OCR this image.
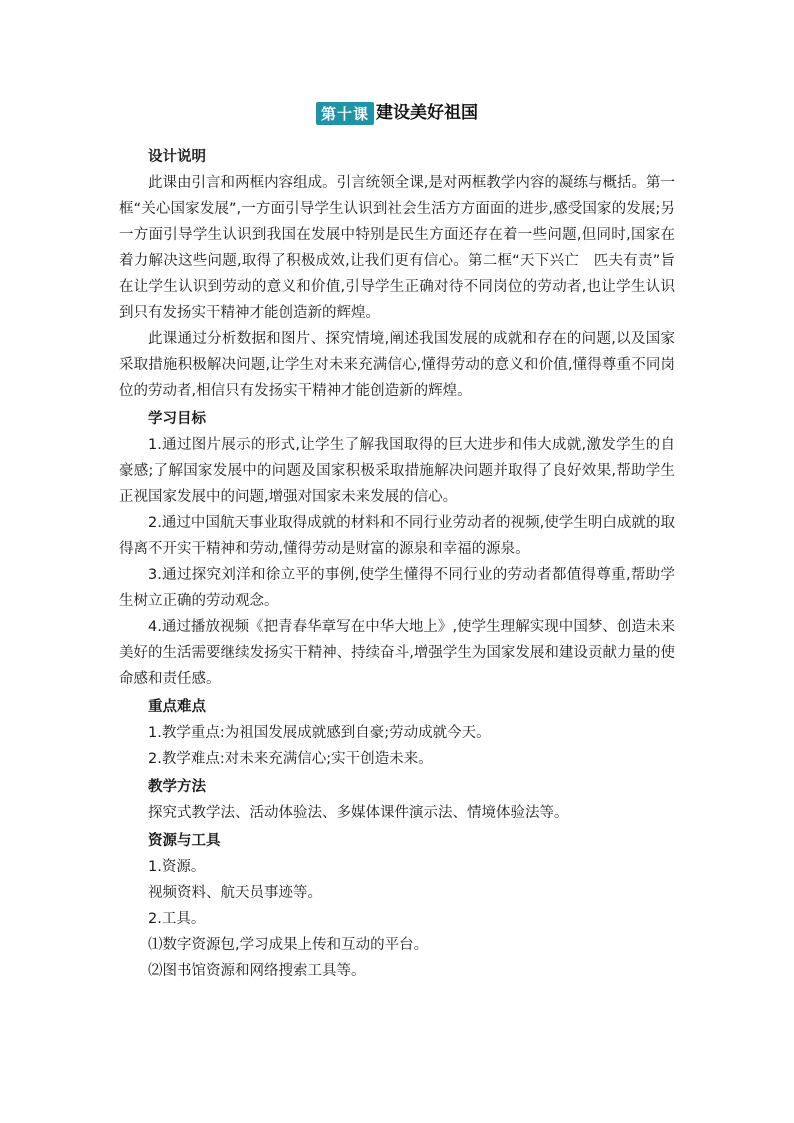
第十课 建设美好祖国

设计说明

此课由引言和两框内容组成。引言统领全课,是对两框教学内容的凝练与概括。第一框“关心国家发展”,一方面引导学生认识到社会生活方方面面的进步,感受国家的发展;另一方面引导学生认识到我国在发展中特别是民生方面还存在着一些问题,但同时,国家在着力解决这些问题,取得了积极成效,让我们更有信心。第二框“天下兴亡　匹夫有责”旨在让学生认识到劳动的意义和价值,引导学生正确对待不同岗位的劳动者,也让学生认识到只有发扬实干精神才能创造新的辉煌。

此课通过分析数据和图片、探究情境,阐述我国发展的成就和存在的问题,以及国家采取措施积极解决问题,让学生对未来充满信心,懂得劳动的意义和价值,懂得尊重不同岗位的劳动者,相信只有发扬实干精神才能创造新的辉煌。

学习目标

1.通过图片展示的形式,让学生了解我国取得的巨大进步和伟大成就,激发学生的自豪感;了解国家发展中的问题及国家积极采取措施解决问题并取得了良好效果,帮助学生正视国家发展中的问题,增强对国家未来发展的信心。

2.通过中国航天事业取得成就的材料和不同行业劳动者的视频,使学生明白成就的取得离不开实干精神和劳动,懂得劳动是财富的源泉和幸福的源泉。

3.通过探究刘洋和徐立平的事例,使学生懂得不同行业的劳动者都值得尊重,帮助学生树立正确的劳动观念。

4.通过播放视频《把青春华章写在中华大地上》,使学生理解实现中国梦、创造未来美好的生活需要继续发扬实干精神、持续奋斗,增强学生为国家发展和建设贡献力量的使命感和责任感。

重点难点

1.教学重点:为祖国发展成就感到自豪;劳动成就今天。

2.教学难点:对未来充满信心;实干创造未来。

教学方法

探究式教学法、活动体验法、多媒体课件演示法、情境体验法等。

资源与工具

1.资源。

视频资料、航天员事迹等。

2.工具。

⑴数字资源包,学习成果上传和互动的平台。

⑵图书馆资源和网络搜索工具等。
